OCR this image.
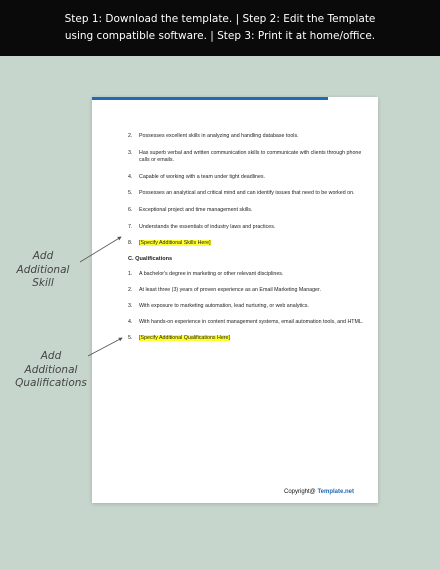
Step 1: Download the template. | Step 2: Edit the Template
using compatible software. | Step 3: Print it at home/office.
2. Possesses excellent skills in analyzing and handling database tools.
3. Has superb verbal and written communication skills to communicate with clients through phone calls or emails.
4. Capable of working with a team under tight deadlines.
5. Possesses an analytical and critical mind and can identify issues that need to be worked on.
6. Exceptional project and time management skills.
7. Understands the essentials of industry laws and practices.
8. [Specify Additional Skills Here]
C. Qualifications
1. A bachelor's degree in marketing or other relevant disciplines.
2. At least three (3) years of proven experience as an Email Marketing Manager.
3. With exposure to marketing automation, lead nurturing, or web analytics.
4. With hands-on experience in content management systems, email automation tools, and HTML.
5. [Specify Additional Qualifications Here]
Copyright@ Template.net
Add
Additional
Skill
Add
Additional
Qualifications
